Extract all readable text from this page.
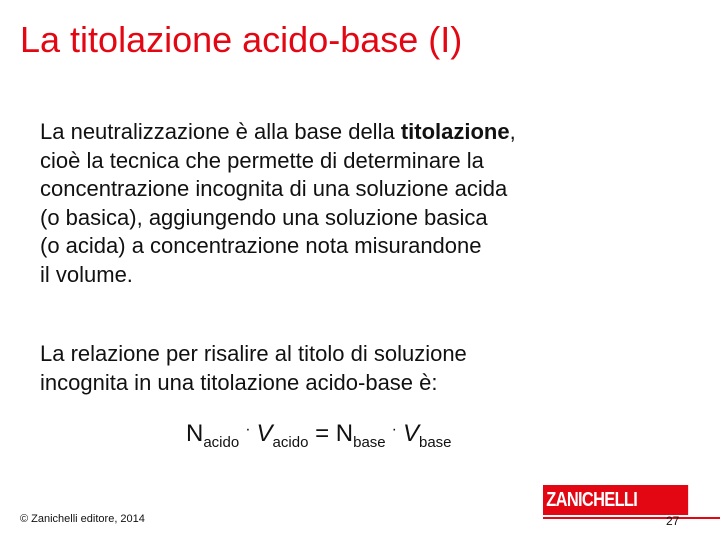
La titolazione acido-base (I)
La neutralizzazione è alla base della titolazione,
cioè la tecnica che permette di determinare la
concentrazione incognita di una soluzione acida
(o basica), aggiungendo una soluzione basica
(o acida) a concentrazione nota misurandone
il volume.
La relazione per risalire al titolo di soluzione
incognita in una titolazione acido-base è:
$N_{acido}^\cdot$ $V_{acido} = N_{base}^\cdot$ $V_{base}$
© Zanichelli editore, 2014
ZANICHELLI
27
